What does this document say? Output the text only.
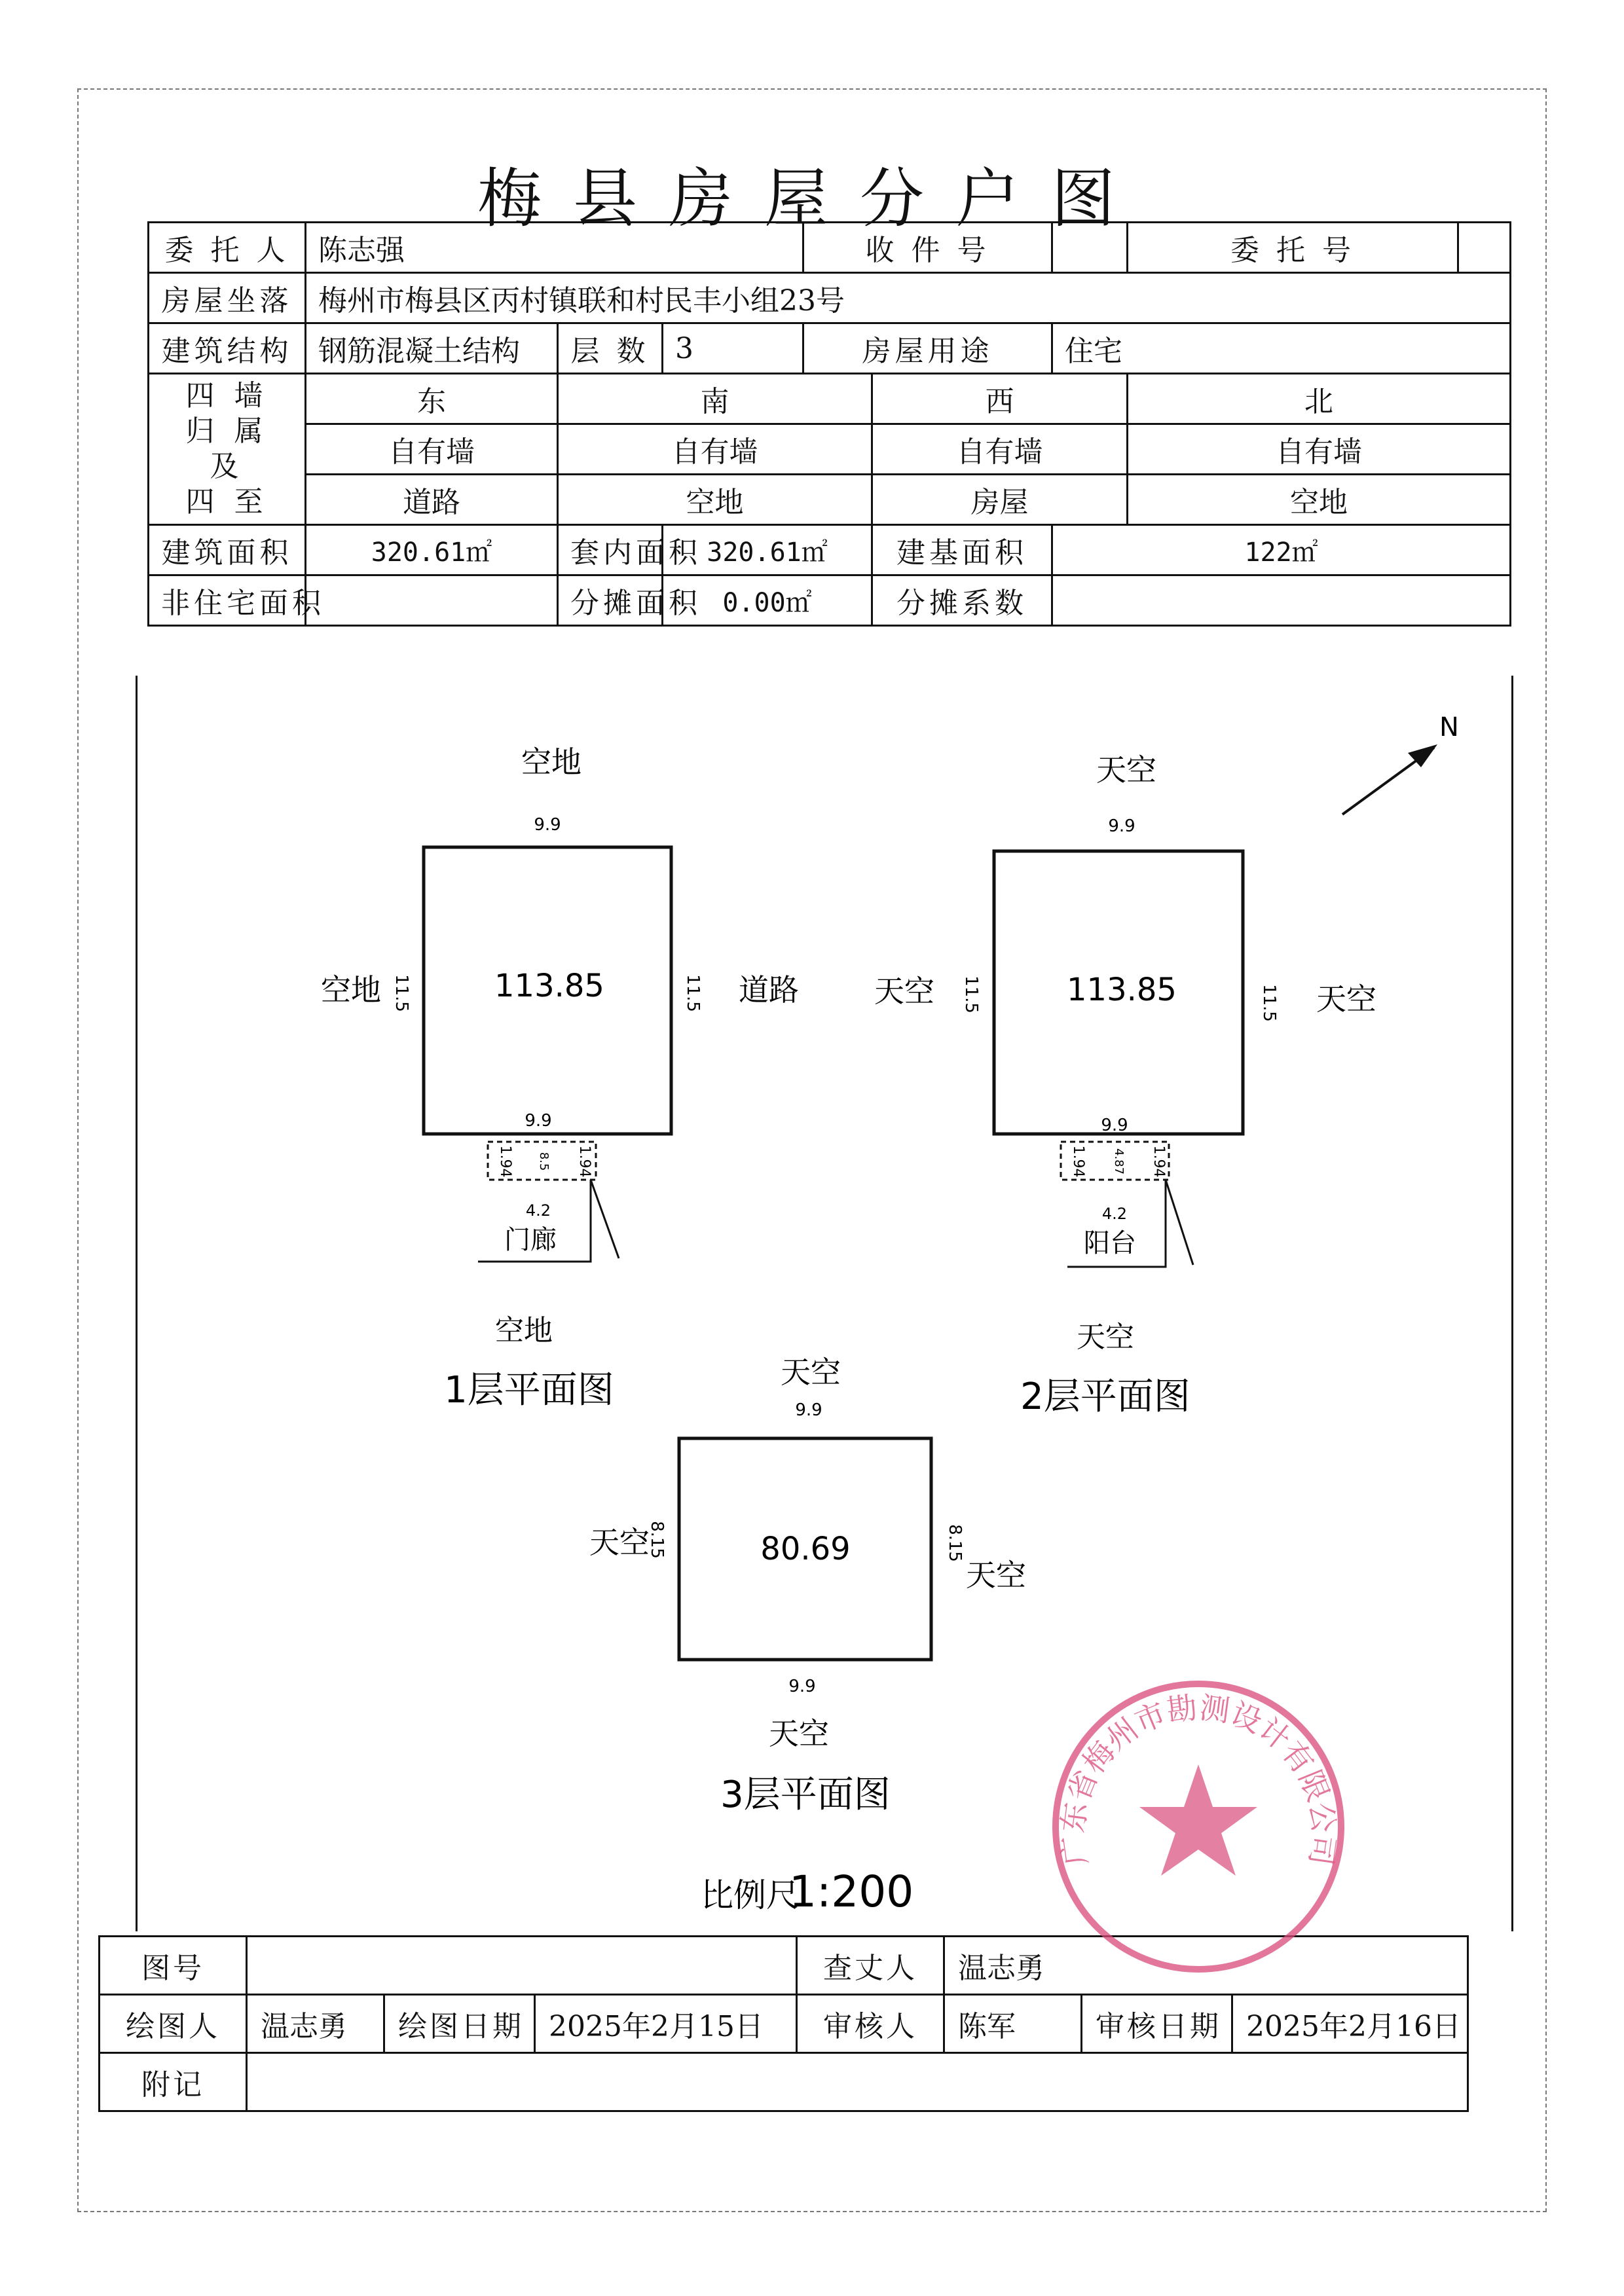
梅县房屋分户图
委 托 人	陈志强			收 件 号			委 托 号	
房屋坐落	梅州市梅县区丙村镇联和村民丰小组23号							
建筑结构	钢筋混凝土结构	层 数	3	房屋用途		住宅		

四 墙
归 属
及
四 至	东	南			西		北	
	自有墙	自有墙			自有墙		自有墙	
	道路	空地			房屋		空地	
建筑面积	320.61㎡	套内面积	320.61㎡		建基面积	122㎡		
非住宅面积		分摊面积	0.00㎡		分摊系数			
N
空地
9.9
113.85
空地 11.5	11.5 道路
9.9
1.94 8.5 1.94
4.2
门廊
空地
1层平面图
天空
9.9
113.85
天空 11.5	11.5 天空
9.9
1.94 4.87 1.94
4.2
阳台
天空
2层平面图
天空
9.9
80.69
天空
8.15	8.15
天空
9.9
天空
3层平面图
比例尺
1:200
图号				查丈人	温志勇		
绘图人	温志勇	绘图日期	2025年2月15日	审核人	陈军	审核日期	2025年2月16日
附记							
广东省梅州市勘测设计有限公司
